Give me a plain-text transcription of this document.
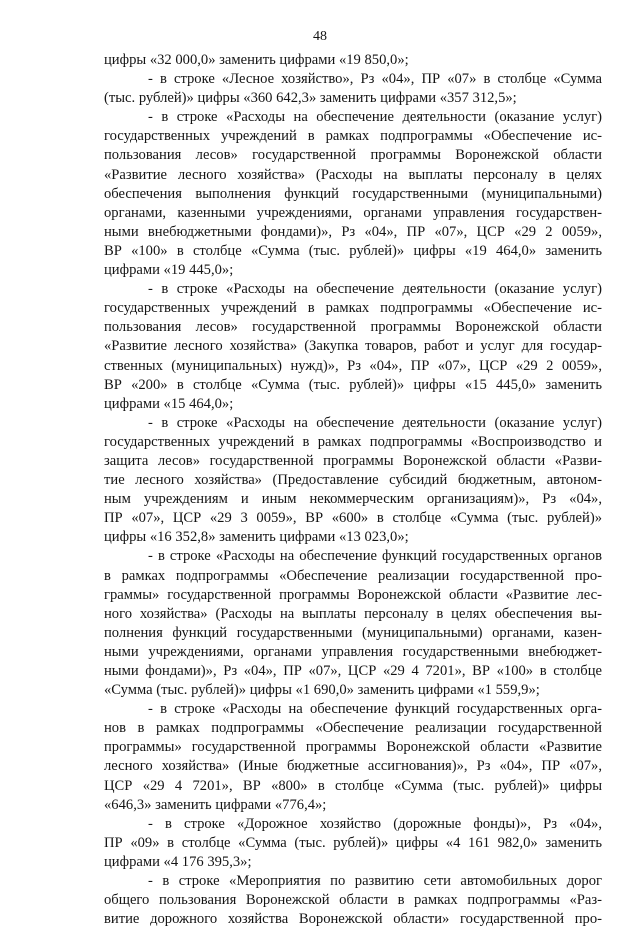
48
цифры «32 000,0» заменить цифрами «19 850,0»;
- в строке «Лесное хозяйство», Рз «04», ПР «07» в столбце «Сумма
(тыс. рублей)» цифры «360 642,3» заменить цифрами «357 312,5»;
- в строке «Расходы на обеспечение деятельности (оказание услуг)
государственных учреждений в рамках подпрограммы «Обеспечение ис-
пользования лесов» государственной программы Воронежской области
«Развитие лесного хозяйства» (Расходы на выплаты персоналу в целях
обеспечения выполнения функций государственными (муниципальными)
органами, казенными учреждениями, органами управления государствен-
ными внебюджетными фондами)», Рз «04», ПР «07», ЦСР «29 2 0059»,
ВР «100» в столбце «Сумма (тыс. рублей)» цифры «19 464,0» заменить
цифрами «19 445,0»;
- в строке «Расходы на обеспечение деятельности (оказание услуг)
государственных учреждений в рамках подпрограммы «Обеспечение ис-
пользования лесов» государственной программы Воронежской области
«Развитие лесного хозяйства» (Закупка товаров, работ и услуг для государ-
ственных (муниципальных) нужд)», Рз «04», ПР «07», ЦСР «29 2 0059»,
ВР «200» в столбце «Сумма (тыс. рублей)» цифры «15 445,0» заменить
цифрами «15 464,0»;
- в строке «Расходы на обеспечение деятельности (оказание услуг)
государственных учреждений в рамках подпрограммы «Воспроизводство и
защита лесов» государственной программы Воронежской области «Разви-
тие лесного хозяйства» (Предоставление субсидий бюджетным, автоном-
ным учреждениям и иным некоммерческим организациям)», Рз «04»,
ПР «07», ЦСР «29 3 0059», ВР «600» в столбце «Сумма (тыс. рублей)»
цифры «16 352,8» заменить цифрами «13 023,0»;
- в строке «Расходы на обеспечение функций государственных органов
в рамках подпрограммы «Обеспечение реализации государственной про-
граммы» государственной программы Воронежской области «Развитие лес-
ного хозяйства» (Расходы на выплаты персоналу в целях обеспечения вы-
полнения функций государственными (муниципальными) органами, казен-
ными учреждениями, органами управления государственными внебюджет-
ными фондами)», Рз «04», ПР «07», ЦСР «29 4 7201», ВР «100» в столбце
«Сумма (тыс. рублей)» цифры «1 690,0» заменить цифрами «1 559,9»;
- в строке «Расходы на обеспечение функций государственных орга-
нов в рамках подпрограммы «Обеспечение реализации государственной
программы» государственной программы Воронежской области «Развитие
лесного хозяйства» (Иные бюджетные ассигнования)», Рз «04», ПР «07»,
ЦСР «29 4 7201», ВР «800» в столбце «Сумма (тыс. рублей)» цифры
«646,3» заменить цифрами «776,4»;
- в строке «Дорожное хозяйство (дорожные фонды)», Рз «04»,
ПР «09» в столбце «Сумма (тыс. рублей)» цифры «4 161 982,0» заменить
цифрами «4 176 395,3»;
- в строке «Мероприятия по развитию сети автомобильных дорог
общего пользования Воронежской области в рамках подпрограммы «Раз-
витие дорожного хозяйства Воронежской области» государственной про-
